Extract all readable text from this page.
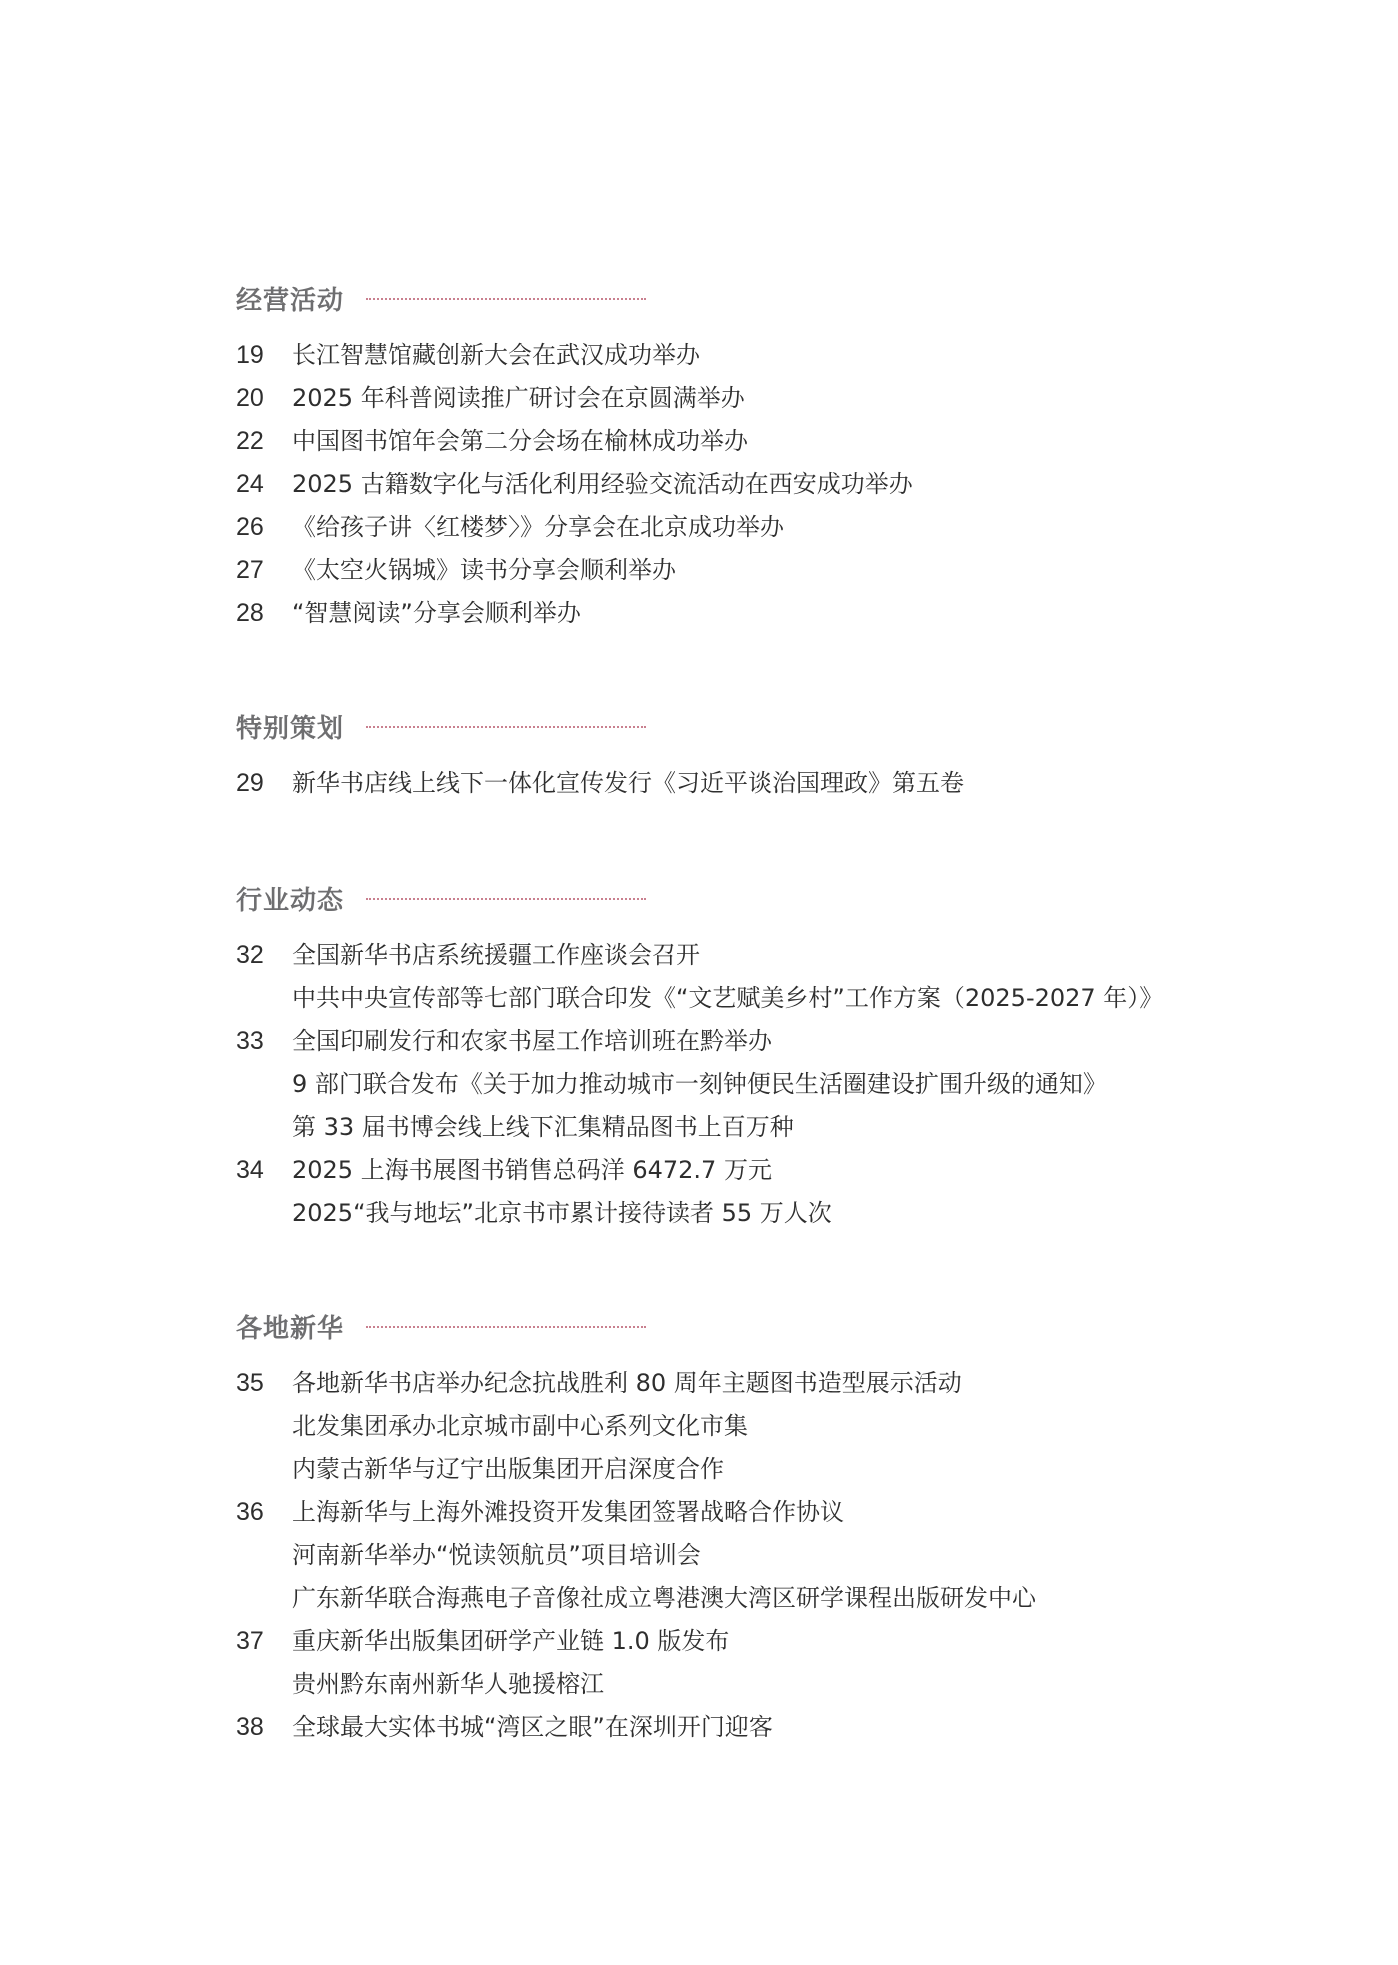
经营活动
19	长江智慧馆藏创新大会在武汉成功举办
20	2025 年科普阅读推广研讨会在京圆满举办
22	中国图书馆年会第二分会场在榆林成功举办
24	2025 古籍数字化与活化利用经验交流活动在西安成功举办
26	《给孩子讲〈红楼梦〉》分享会在北京成功举办
27	《太空火锅城》读书分享会顺利举办
28	“智慧阅读”分享会顺利举办
特别策划
29	新华书店线上线下一体化宣传发行《习近平谈治国理政》第五卷
行业动态
32	全国新华书店系统援疆工作座谈会召开
中共中央宣传部等七部门联合印发《“文艺赋美乡村”工作方案（2025-2027 年）》
33	全国印刷发行和农家书屋工作培训班在黔举办
9 部门联合发布《关于加力推动城市一刻钟便民生活圈建设扩围升级的通知》
第 33 届书博会线上线下汇集精品图书上百万种
34	2025 上海书展图书销售总码洋 6472.7 万元
2025“我与地坛”北京书市累计接待读者 55 万人次
各地新华
35	各地新华书店举办纪念抗战胜利 80 周年主题图书造型展示活动
北发集团承办北京城市副中心系列文化市集
内蒙古新华与辽宁出版集团开启深度合作
36	上海新华与上海外滩投资开发集团签署战略合作协议
河南新华举办“悦读领航员”项目培训会
广东新华联合海燕电子音像社成立粤港澳大湾区研学课程出版研发中心
37	重庆新华出版集团研学产业链 1.0 版发布
贵州黔东南州新华人驰援榕江
38	全球最大实体书城“湾区之眼”在深圳开门迎客
